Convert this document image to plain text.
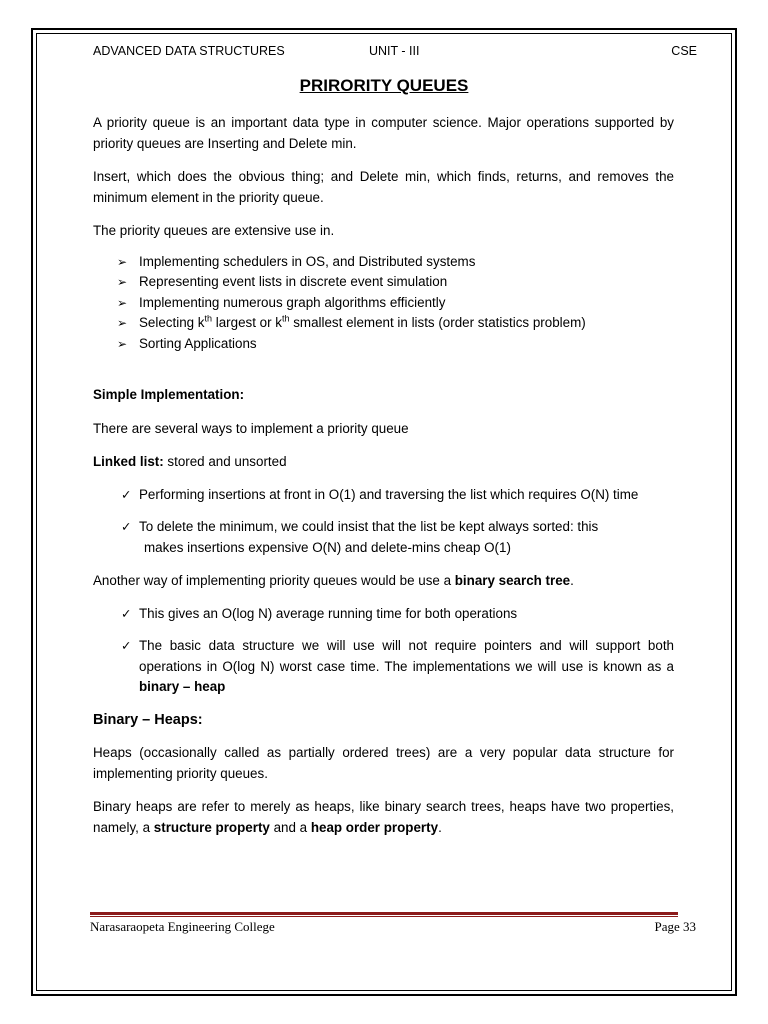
ADVANCED DATA STRUCTURES	UNIT - III	CSE
PRIRORITY QUEUES

A priority queue is an important data type in computer science. Major operations supported by priority queues are Inserting and Delete min.

Insert, which does the obvious thing; and Delete min, which finds, returns, and removes the minimum element in the priority queue.

The priority queues are extensive use in.

➢ Implementing schedulers in OS, and Distributed systems
➢ Representing event lists in discrete event simulation
➢ Implementing numerous graph algorithms efficiently
➢ Selecting $k^{th}$ largest or $k^{th}$ smallest element in lists (order statistics problem)
➢ Sorting Applications

Simple Implementation:

There are several ways to implement a priority queue

Linked list: stored and unsorted

✓ Performing insertions at front in O(1) and traversing the list which requires O(N) time
✓ To delete the minimum, we could insist that the list be kept always sorted: this
makes insertions expensive O(N) and delete-mins cheap O(1)

Another way of implementing priority queues would be use a binary search tree.

✓ This gives an O(log N) average running time for both operations
✓ The basic data structure we will use will not require pointers and will support both operations in O(log N) worst case time. The implementations we will use is known as a binary – heap

Binary – Heaps:

Heaps (occasionally called as partially ordered trees) are a very popular data structure for implementing priority queues.

Binary heaps are refer to merely as heaps, like binary search trees, heaps have two properties, namely, a structure property and a heap order property.

Narasaraopeta Engineering College	Page 33
